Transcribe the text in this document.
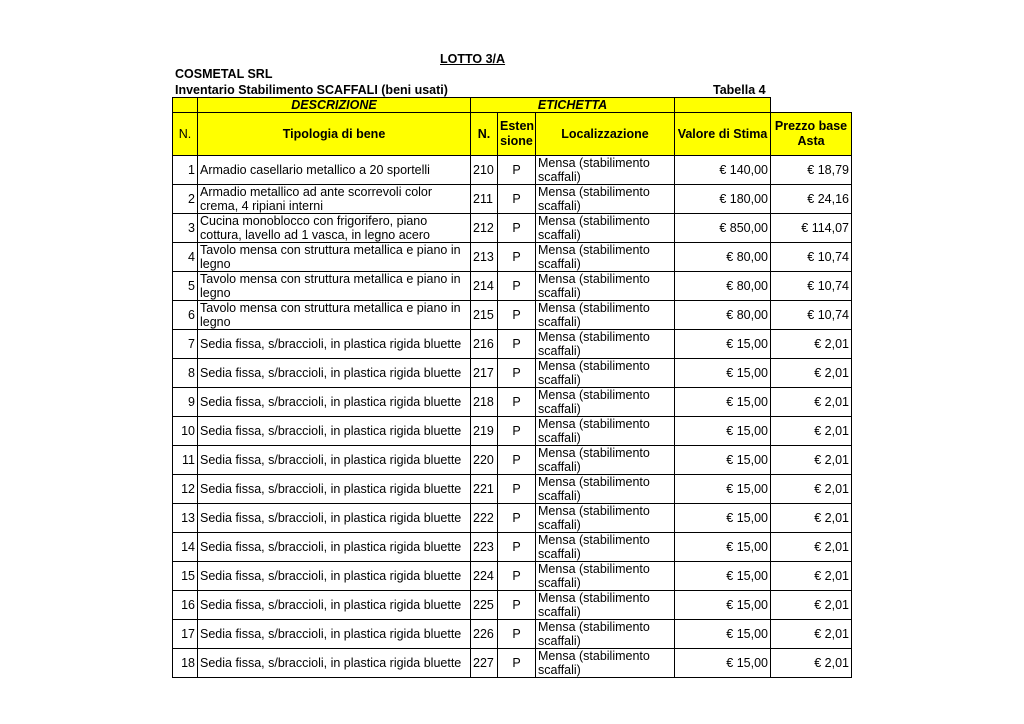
LOTTO 3/A
COSMETAL SRL
Inventario Stabilimento SCAFFALI (beni usati)	Tabella 4
	DESCRIZIONE	ETICHETTA				
N.	Tipologia di bene	N.	Esten sione	Localizzazione	Valore di Stima	Prezzo base Asta
1	Armadio casellario metallico a 20 sportelli	210	P	Mensa (stabilimento scaffali)	€ 140,00	€ 18,79
2	Armadio metallico ad ante scorrevoli color crema, 4 ripiani interni	211	P	Mensa (stabilimento scaffali)	€ 180,00	€ 24,16
3	Cucina monoblocco con frigorifero, piano cottura, lavello ad 1 vasca, in legno acero	212	P	Mensa (stabilimento scaffali)	€ 850,00	€ 114,07
4	Tavolo mensa con struttura metallica e piano in legno	213	P	Mensa (stabilimento scaffali)	€ 80,00	€ 10,74
5	Tavolo mensa con struttura metallica e piano in legno	214	P	Mensa (stabilimento scaffali)	€ 80,00	€ 10,74
6	Tavolo mensa con struttura metallica e piano in legno	215	P	Mensa (stabilimento scaffali)	€ 80,00	€ 10,74
7	Sedia fissa, s/braccioli, in plastica rigida bluette	216	P	Mensa (stabilimento scaffali)	€ 15,00	€ 2,01
8	Sedia fissa, s/braccioli, in plastica rigida bluette	217	P	Mensa (stabilimento scaffali)	€ 15,00	€ 2,01
9	Sedia fissa, s/braccioli, in plastica rigida bluette	218	P	Mensa (stabilimento scaffali)	€ 15,00	€ 2,01
10	Sedia fissa, s/braccioli, in plastica rigida bluette	219	P	Mensa (stabilimento scaffali)	€ 15,00	€ 2,01
11	Sedia fissa, s/braccioli, in plastica rigida bluette	220	P	Mensa (stabilimento scaffali)	€ 15,00	€ 2,01
12	Sedia fissa, s/braccioli, in plastica rigida bluette	221	P	Mensa (stabilimento scaffali)	€ 15,00	€ 2,01
13	Sedia fissa, s/braccioli, in plastica rigida bluette	222	P	Mensa (stabilimento scaffali)	€ 15,00	€ 2,01
14	Sedia fissa, s/braccioli, in plastica rigida bluette	223	P	Mensa (stabilimento scaffali)	€ 15,00	€ 2,01
15	Sedia fissa, s/braccioli, in plastica rigida bluette	224	P	Mensa (stabilimento scaffali)	€ 15,00	€ 2,01
16	Sedia fissa, s/braccioli, in plastica rigida bluette	225	P	Mensa (stabilimento scaffali)	€ 15,00	€ 2,01
17	Sedia fissa, s/braccioli, in plastica rigida bluette	226	P	Mensa (stabilimento scaffali)	€ 15,00	€ 2,01
18	Sedia fissa, s/braccioli, in plastica rigida bluette	227	P	Mensa (stabilimento scaffali)	€ 15,00	€ 2,01
